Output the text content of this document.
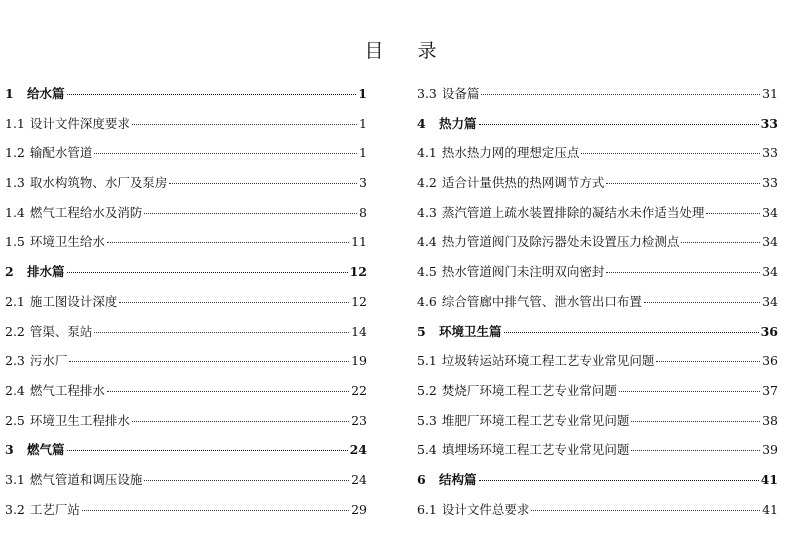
目 录
1	给水篇	1
1.1 设计文件深度要求	1
1.2 输配水管道	1
1.3 取水构筑物、水厂及泵房	3
1.4 燃气工程给水及消防	8
1.5 环境卫生给水	11
2	排水篇	12
2.1 施工图设计深度	12
2.2 管渠、泵站	14
2.3 污水厂	19
2.4 燃气工程排水	22
2.5 环境卫生工程排水	23
3	燃气篇	24
3.1 燃气管道和调压设施	24
3.2 工艺厂站	29
3.3 设备篇	31
4	热力篇	33
4.1 热水热力网的理想定压点	33
4.2 适合计量供热的热网调节方式	33
4.3 蒸汽管道上疏水装置排除的凝结水未作适当处理	34
4.4 热力管道阀门及除污器处未设置压力检测点	34
4.5 热水管道阀门未注明双向密封	34
4.6 综合管廊中排气管、泄水管出口布置	34
5	环境卫生篇	36
5.1 垃圾转运站环境工程工艺专业常见问题	36
5.2 焚烧厂环境工程工艺专业常问题	37
5.3 堆肥厂环境工程工艺专业常见问题	38
5.4 填埋场环境工程工艺专业常见问题	39
6	结构篇	41
6.1 设计文件总要求	41
